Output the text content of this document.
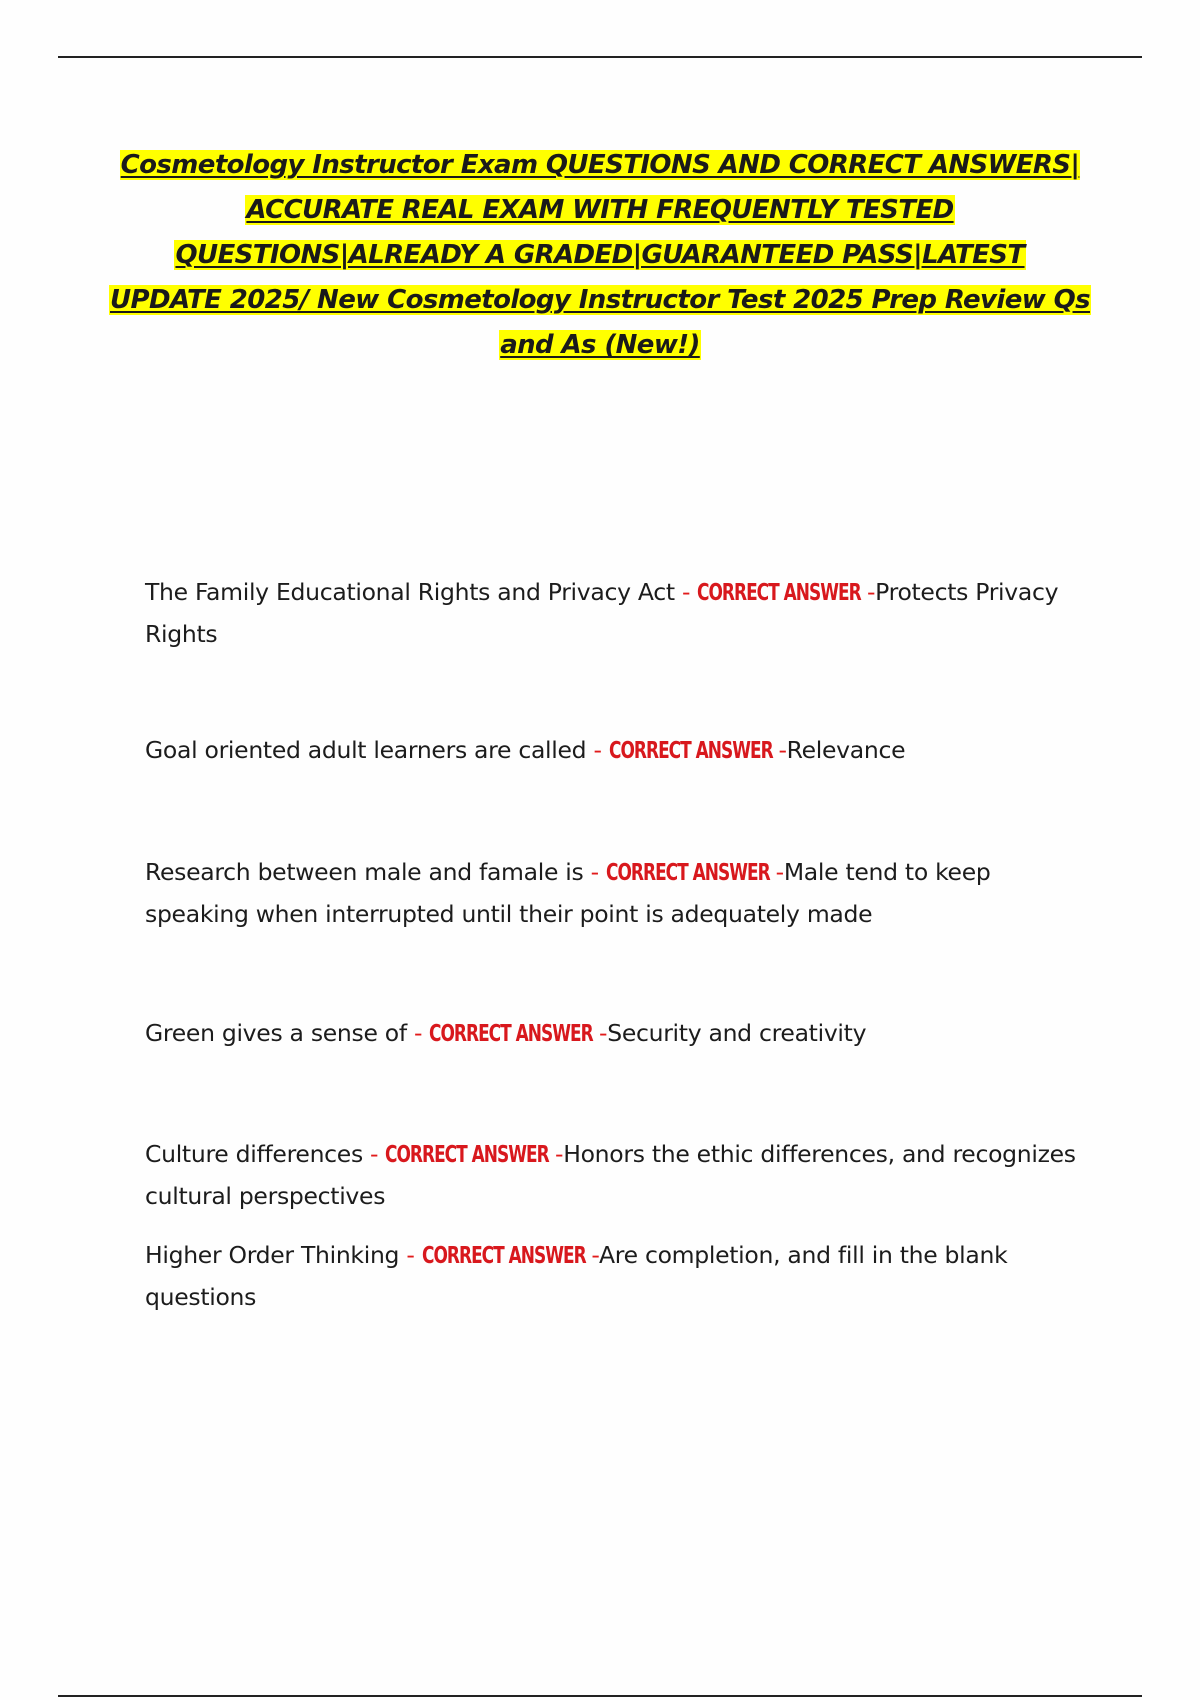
Cosmetology Instructor Exam QUESTIONS AND CORRECT ANSWERS|
ACCURATE REAL EXAM WITH FREQUENTLY TESTED
QUESTIONS|ALREADY A GRADED|GUARANTEED PASS|LATEST
UPDATE 2025/ New Cosmetology Instructor Test 2025 Prep Review Qs
and As (New!)

The Family Educational Rights and Privacy Act - CORRECT ANSWER -Protects Privacy Rights

Goal oriented adult learners are called - CORRECT ANSWER -Relevance

Research between male and famale is - CORRECT ANSWER -Male tend to keep speaking when interrupted until their point is adequately made

Green gives a sense of - CORRECT ANSWER -Security and creativity

Culture differences - CORRECT ANSWER -Honors the ethic differences, and recognizes cultural perspectives

Higher Order Thinking - CORRECT ANSWER -Are completion, and fill in the blank questions
